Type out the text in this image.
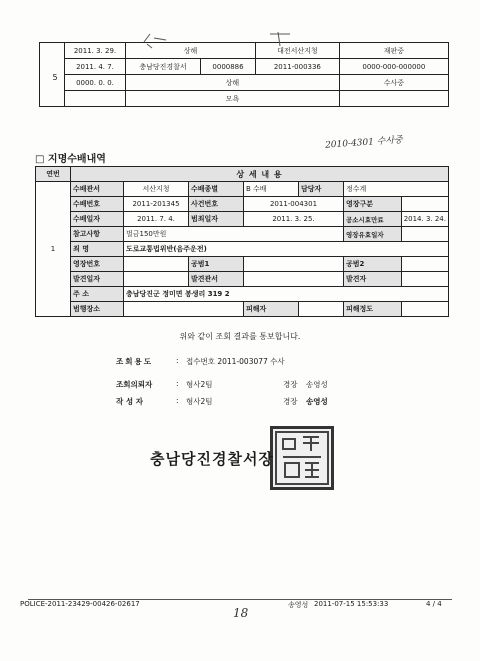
	2011. 3. 29.	상해		대전서산지청	재판중
	2011. 4. 7.	충남당진경찰서	0000886	2011-000336	0000-000-000000
	0000. 0. 0.	상해			수사중
		모욕			
5
2010-4301 수사중
□ 지명수배내역
연번	상 세 내 용						
1	수배관서	서산지청	수배종별	B 수배	담당자	정수계	
	수배번호	2011-201345	사건번호	2011-004301		영장구분	
	수배일자	2011. 7. 4.	범죄일자	2011. 3. 25.		공소시효만료	2014. 3. 24.
	참고사항	벌금150만원				영장유효일자	
	죄 명	도로교통법위반(음주운전)					
	영장번호		공범1			공범2	
	발견일자		발견관서			발견자	
	주 소	충남당진군 정미면 봉생리 319 2					
	범행장소			피해자		피해정도	
위와 같이 조회 결과를 통보합니다.
조회용도	: 접수번호 2011-003077 수사
조회의뢰자	: 형사2팀	경장 송영성
작 성 자	: 형사2팀	경장 송영성
충남당진경찰서장
POLICE-2011-23429-00426-02617	송영성 2011-07-15 15:53:33	4 / 4
18
